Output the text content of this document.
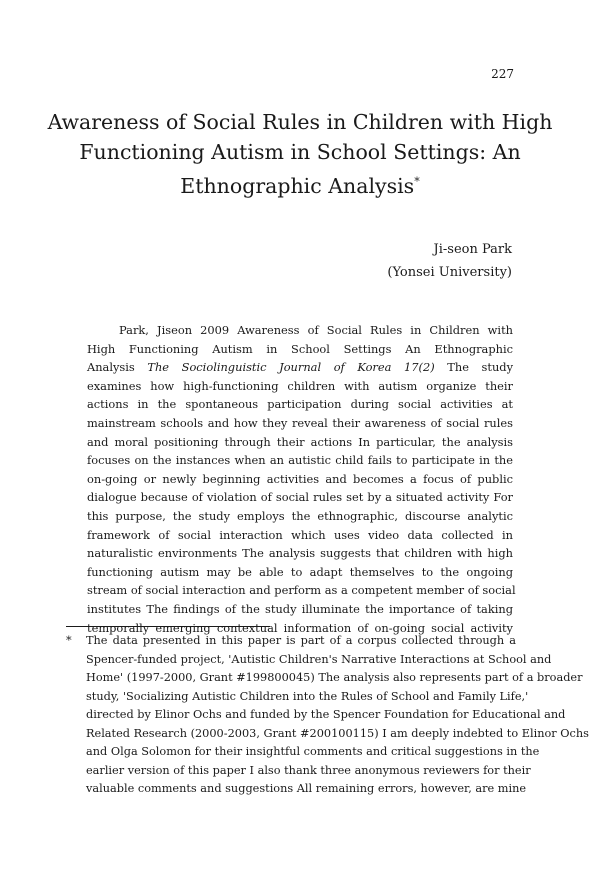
227
Awareness of Social Rules in Children with High
Functioning Autism in School Settings: An
Ethnographic Analysis*
Ji-seon Park
(Yonsei University)
Park, Jiseon 2009 Awareness of Social Rules in Children with
High Functioning Autism in School Settings An Ethnographic
Analysis The Sociolinguistic Journal of Korea 17(2) The study
examines how high-functioning children with autism organize their
actions in the spontaneous participation during social activities at
mainstream schools and how they reveal their awareness of social rules
and moral positioning through their actions In particular, the analysis
focuses on the instances when an autistic child fails to participate in the
on-going or newly beginning activities and becomes a focus of public
dialogue because of violation of social rules set by a situated activity For
this purpose, the study employs the ethnographic, discourse analytic
framework of social interaction which uses video data collected in
naturalistic environments The analysis suggests that children with high
functioning autism may be able to adapt themselves to the ongoing
stream of social interaction and perform as a competent member of social
institutes The findings of the study illuminate the importance of taking
temporally emerging contextual information of on-going social activity
* The data presented in this paper is part of a corpus collected through a
Spencer-funded project, 'Autistic Children's Narrative Interactions at School and
Home' (1997-2000, Grant #199800045) The analysis also represents part of a broader
study, 'Socializing Autistic Children into the Rules of School and Family Life,'
directed by Elinor Ochs and funded by the Spencer Foundation for Educational and
Related Research (2000-2003, Grant #200100115) I am deeply indebted to Elinor Ochs
and Olga Solomon for their insightful comments and critical suggestions in the
earlier version of this paper I also thank three anonymous reviewers for their
valuable comments and suggestions All remaining errors, however, are mine
